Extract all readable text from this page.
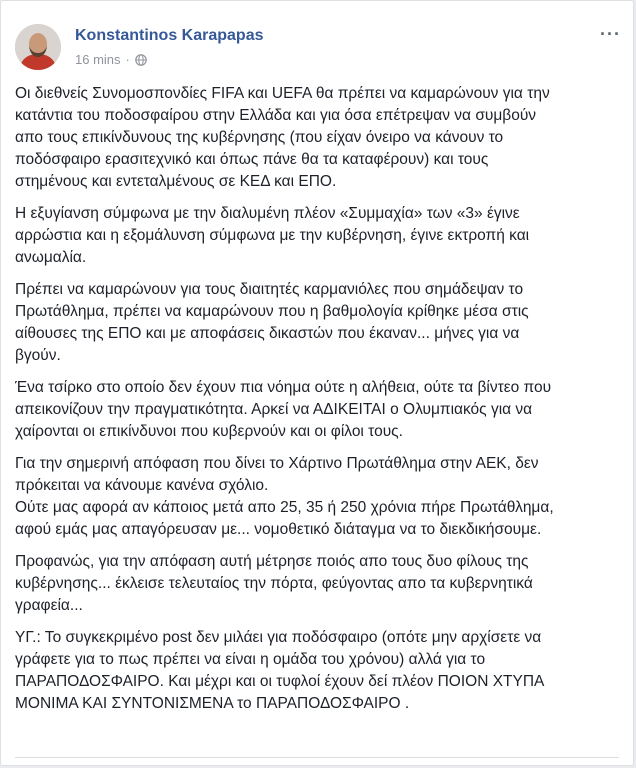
Konstantinos Karapapas
16 mins ·
···

Οι διεθνείς Συνομοσπονδίες FIFA και UEFA θα πρέπει να καμαρώνουν για την
κατάντια του ποδοσφαίρου στην Ελλάδα και για όσα επέτρεψαν να συμβούν
απο τους επικίνδυνους της κυβέρνησης (που είχαν όνειρο να κάνουν το
ποδόσφαιρο ερασιτεχνικό και όπως πάνε θα τα καταφέρουν) και τους
στημένους και εντεταλμένους σε ΚΕΔ και ΕΠΟ.

Η εξυγίανση σύμφωνα με την διαλυμένη πλέον «Συμμαχία» των «3» έγινε
αρρώστια και η εξομάλυνση σύμφωνα με την κυβέρνηση, έγινε εκτροπή και
ανωμαλία.

Πρέπει να καμαρώνουν για τους διαιτητές καρμανιόλες που σημάδεψαν το
Πρωτάθλημα, πρέπει να καμαρώνουν που η βαθμολογία κρίθηκε μέσα στις
αίθουσες της ΕΠΟ και με αποφάσεις δικαστών που έκαναν... μήνες για να
βγούν.

Ένα τσίρκο στο οποίο δεν έχουν πια νόημα ούτε η αλήθεια, ούτε τα βίντεο που
απεικονίζουν την πραγματικότητα. Αρκεί να ΑΔΙΚΕΙΤΑΙ ο Ολυμπιακός για να
χαίρονται οι επικίνδυνοι που κυβερνούν και οι φίλοι τους.

Για την σημερινή απόφαση που δίνει το Χάρτινο Πρωτάθλημα στην ΑΕΚ, δεν
πρόκειται να κάνουμε κανένα σχόλιο.
Ούτε μας αφορά αν κάποιος μετά απο 25, 35 ή 250 χρόνια πήρε Πρωτάθλημα,
αφού εμάς μας απαγόρευσαν με... νομοθετικό διάταγμα να το διεκδικήσουμε.

Προφανώς, για την απόφαση αυτή μέτρησε ποιός απο τους δυο φίλους της
κυβέρνησης... έκλεισε τελευταίος την πόρτα, φεύγοντας απο τα κυβερνητικά
γραφεία...

ΥΓ.: Το συγκεκριμένο post δεν μιλάει για ποδόσφαιρο (οπότε μην αρχίσετε να
γράφετε για το πως πρέπει να είναι η ομάδα του χρόνου) αλλά για το
ΠΑΡΑΠΟΔΟΣΦΑΙΡΟ. Και μέχρι και οι τυφλοί έχουν δεί πλέον ΠΟΙΟΝ ΧΤΥΠΑ
ΜΟΝΙΜΑ ΚΑΙ ΣΥΝΤΟΝΙΣΜΕΝΑ το ΠΑΡΑΠΟΔΟΣΦΑΙΡΟ .
